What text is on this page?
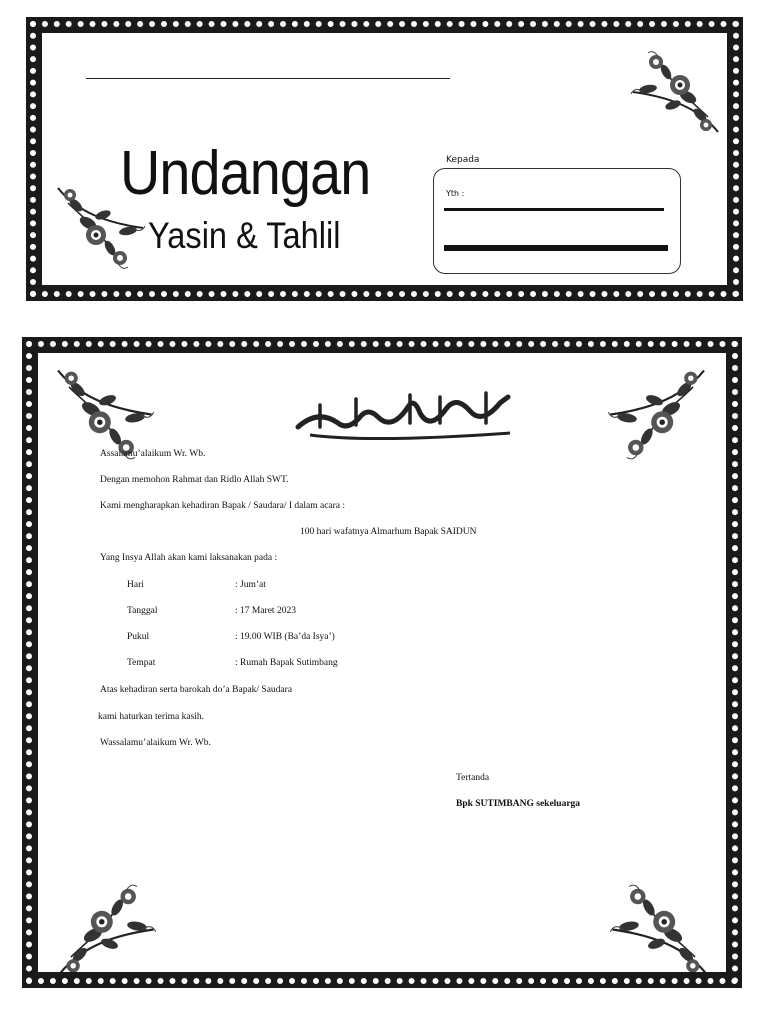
Undangan
Yasin & Tahlil
Kepada
Yth :
Assalamu’alaikum Wr. Wb.
Dengan memohon Rahmat dan Ridlo Allah SWT.
Kami mengharapkan kehadiran Bapak / Saudara/ I dalam acara :
100 hari wafatnya Almarhum Bapak SAIDUN
Yang Insya Allah akan kami laksanakan pada :
Hari	: Jum’at
Tanggal	: 17 Maret 2023
Pukul	: 19.00 WIB (Ba’da Isya’)
Tempat	: Rumah Bapak Sutimbang
Atas kehadiran serta barokah do’a Bapak/ Saudara
kami haturkan terima kasih.
Wassalamu’alaikum Wr. Wb.
Tertanda
Bpk SUTIMBANG sekeluarga
